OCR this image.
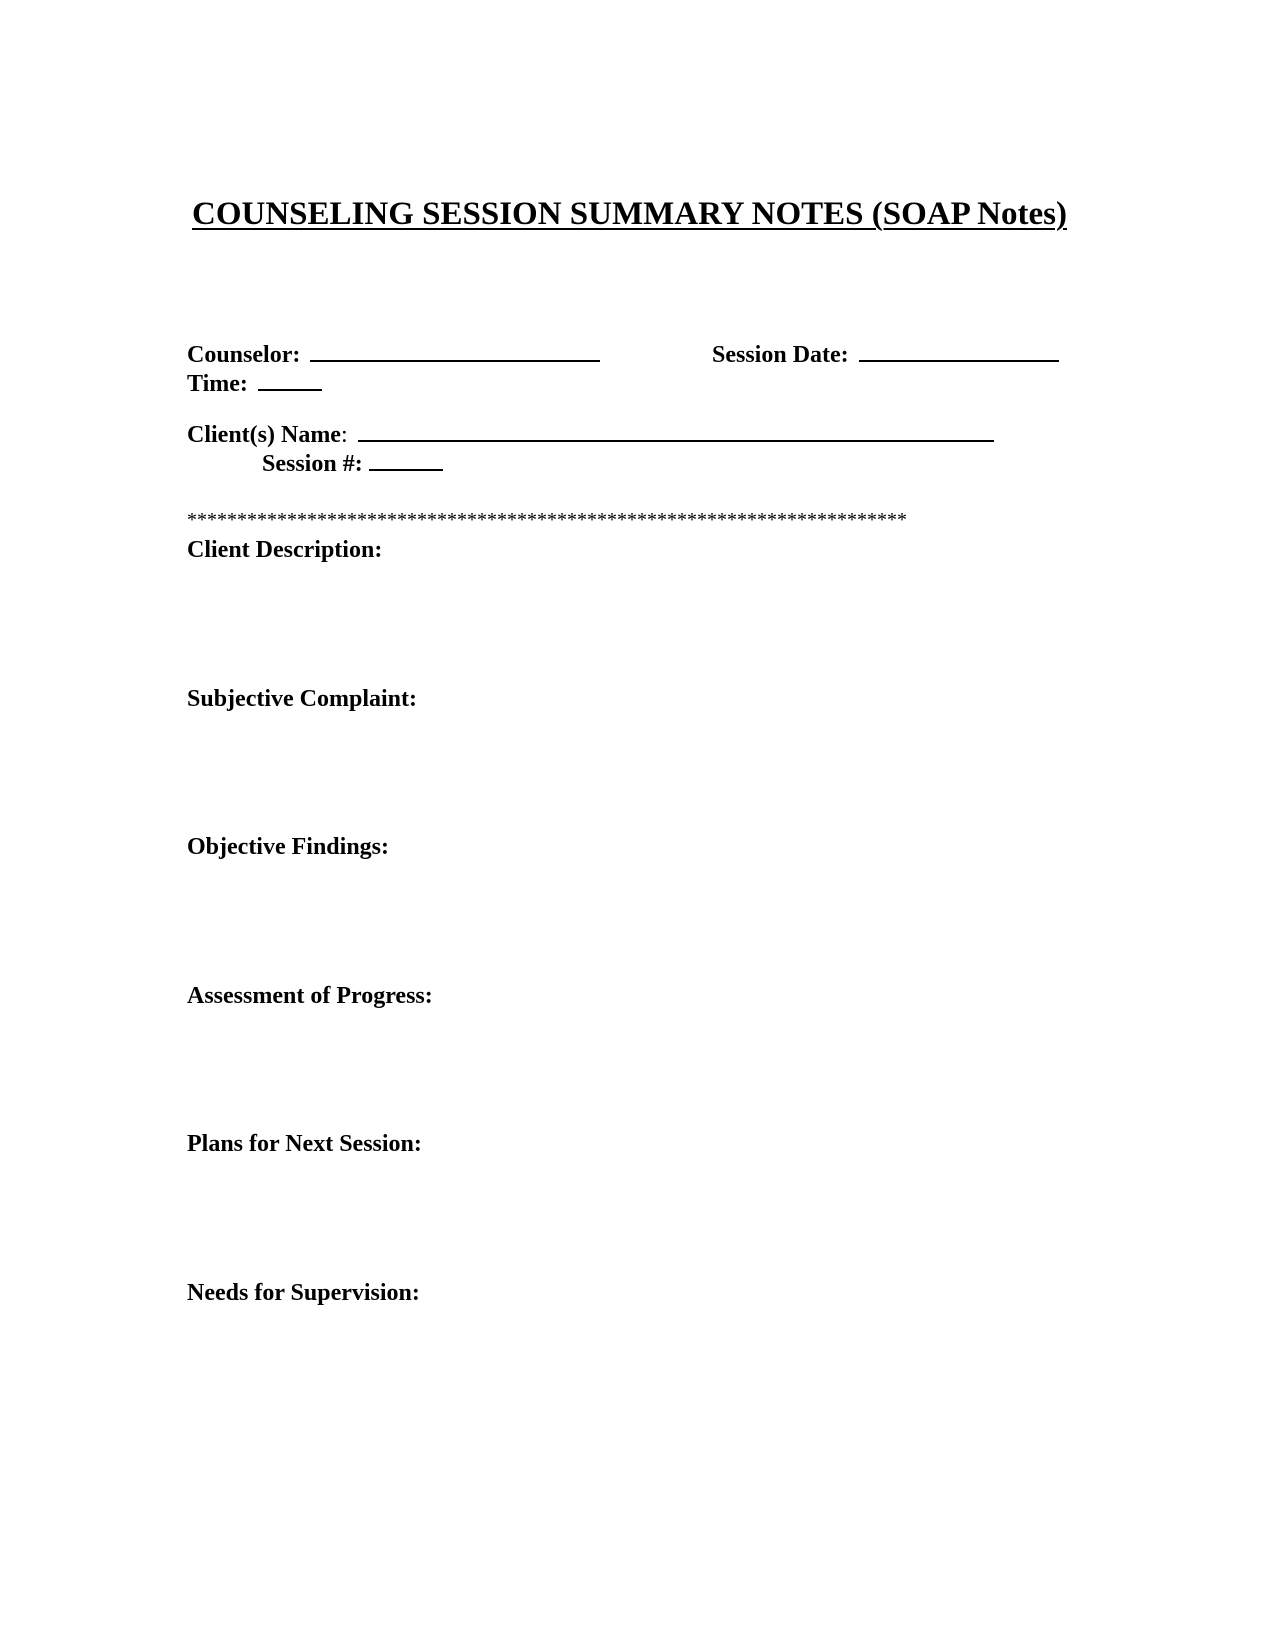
COUNSELING SESSION SUMMARY NOTES (SOAP Notes)
Counselor:	Session Date:
Time:
Client(s) Name:
Session #:
************************************************************************
Client Description:
Subjective Complaint:
Objective Findings:
Assessment of Progress:
Plans for Next Session:
Needs for Supervision:
